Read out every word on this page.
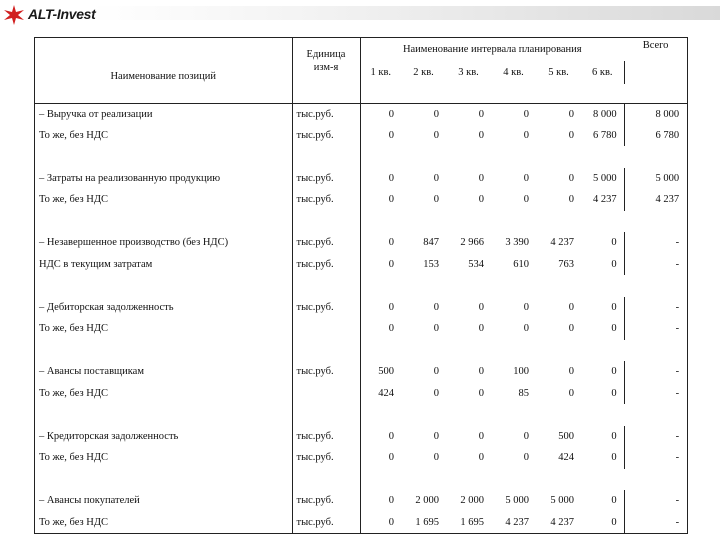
ALT-Invest
Наименование позиций	Единица
изм-я	Наименование интервала планирования						Всего
		1 кв.	2 кв.	3 кв.	4 кв.	5 кв.	6 кв.	

– Выручка от реализации	тыс.руб.	0	0	0	0	0	8 000	8 000
То же, без НДС	тыс.руб.	0	0	0	0	0	6 780	6 780

– Затраты на реализованную продукцию	тыс.руб.	0	0	0	0	0	5 000	5 000
То же, без НДС	тыс.руб.	0	0	0	0	0	4 237	4 237

– Незавершенное производство (без НДС)	тыс.руб.	0	847	2 966	3 390	4 237	0	-
НДС в текущим затратам	тыс.руб.	0	153	534	610	763	0	-

– Дебиторская задолженность	тыс.руб.	0	0	0	0	0	0	-
То же, без НДС		0	0	0	0	0	0	-

– Авансы поставщикам	тыс.руб.	500	0	0	100	0	0	-
То же, без НДС		424	0	0	85	0	0	-

– Кредиторская задолженность	тыс.руб.	0	0	0	0	500	0	-
То же, без НДС	тыс.руб.	0	0	0	0	424	0	-

– Авансы покупателей	тыс.руб.	0	2 000	2 000	5 000	5 000	0	-
То же, без НДС	тыс.руб.	0	1 695	1 695	4 237	4 237	0	-
